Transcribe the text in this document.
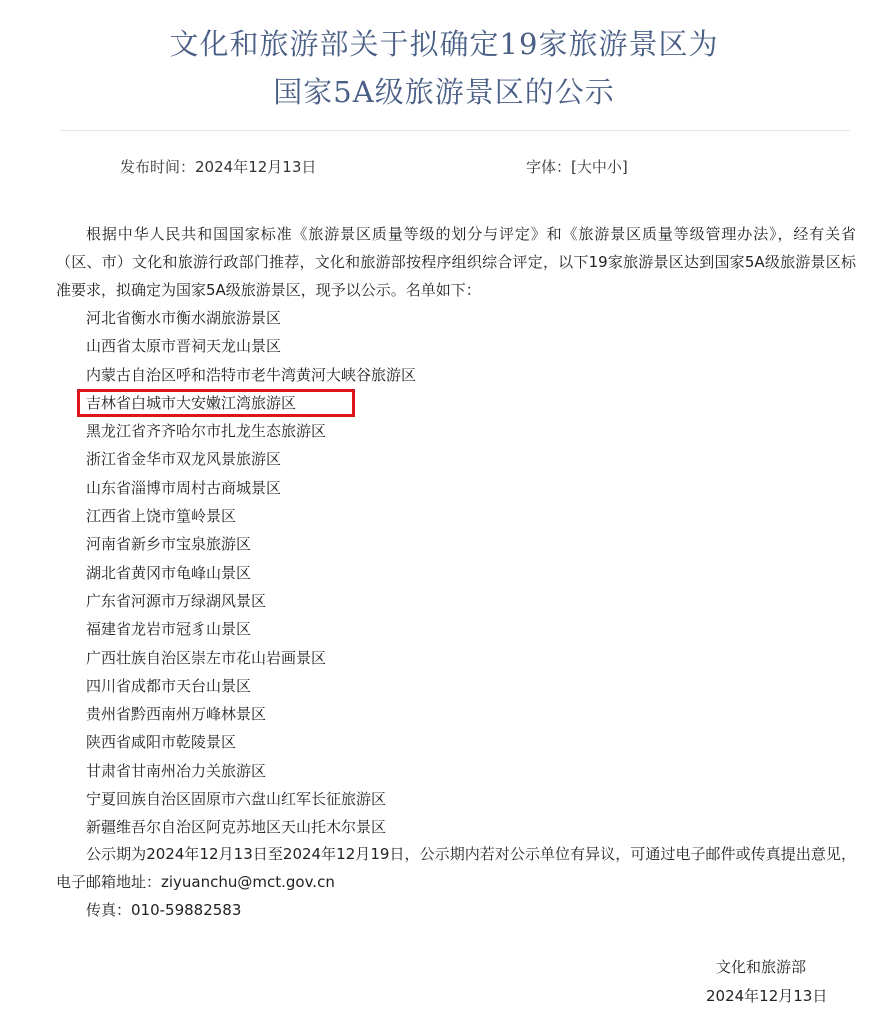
文化和旅游部关于拟确定19家旅游景区为
国家5A级旅游景区的公示
发布时间：2024年12月13日	字体：[大中小]

根据中华人民共和国国家标准《旅游景区质量等级的划分与评定》和《旅游景区质量等级管理办法》，经有关省（区、市）文化和旅游行政部门推荐，文化和旅游部按程序组织综合评定，以下19家旅游景区达到国家5A级旅游景区标准要求，拟确定为国家5A级旅游景区，现予以公示。名单如下：

河北省衡水市衡水湖旅游景区
山西省太原市晋祠天龙山景区
内蒙古自治区呼和浩特市老牛湾黄河大峡谷旅游区
吉林省白城市大安嫩江湾旅游区
黑龙江省齐齐哈尔市扎龙生态旅游区
浙江省金华市双龙风景旅游区
山东省淄博市周村古商城景区
江西省上饶市篁岭景区
河南省新乡市宝泉旅游区
湖北省黄冈市龟峰山景区
广东省河源市万绿湖风景区
福建省龙岩市冠豸山景区
广西壮族自治区崇左市花山岩画景区
四川省成都市天台山景区
贵州省黔西南州万峰林景区
陕西省咸阳市乾陵景区
甘肃省甘南州冶力关旅游区
宁夏回族自治区固原市六盘山红军长征旅游区
新疆维吾尔自治区阿克苏地区天山托木尔景区

公示期为2024年12月13日至2024年12月19日，公示期内若对公示单位有异议，可通过电子邮件或传真提出意见，电子邮箱地址：ziyuanchu@mct.gov.cn

传真：010-59882583
文化和旅游部
2024年12月13日
